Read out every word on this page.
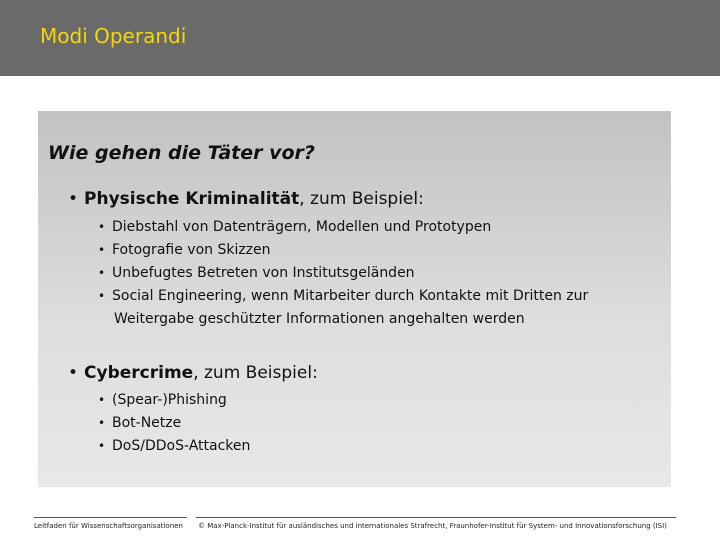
Modi Operandi
Wie gehen die Täter vor?
• Physische Kriminalität, zum Beispiel:
• Diebstahl von Datenträgern, Modellen und Prototypen
• Fotografie von Skizzen
• Unbefugtes Betreten von Institutsgeländen
• Social Engineering, wenn Mitarbeiter durch Kontakte mit Dritten zur
Weitergabe geschützter Informationen angehalten werden
• Cybercrime, zum Beispiel:
• (Spear-)Phishing
• Bot-Netze
• DoS/DDoS-Attacken
Leitfaden für Wissenschaftsorganisationen © Max-Planck-Institut für ausländisches und internationales Strafrecht, Fraunhofer-Institut für System- und Innovationsforschung (ISI)
